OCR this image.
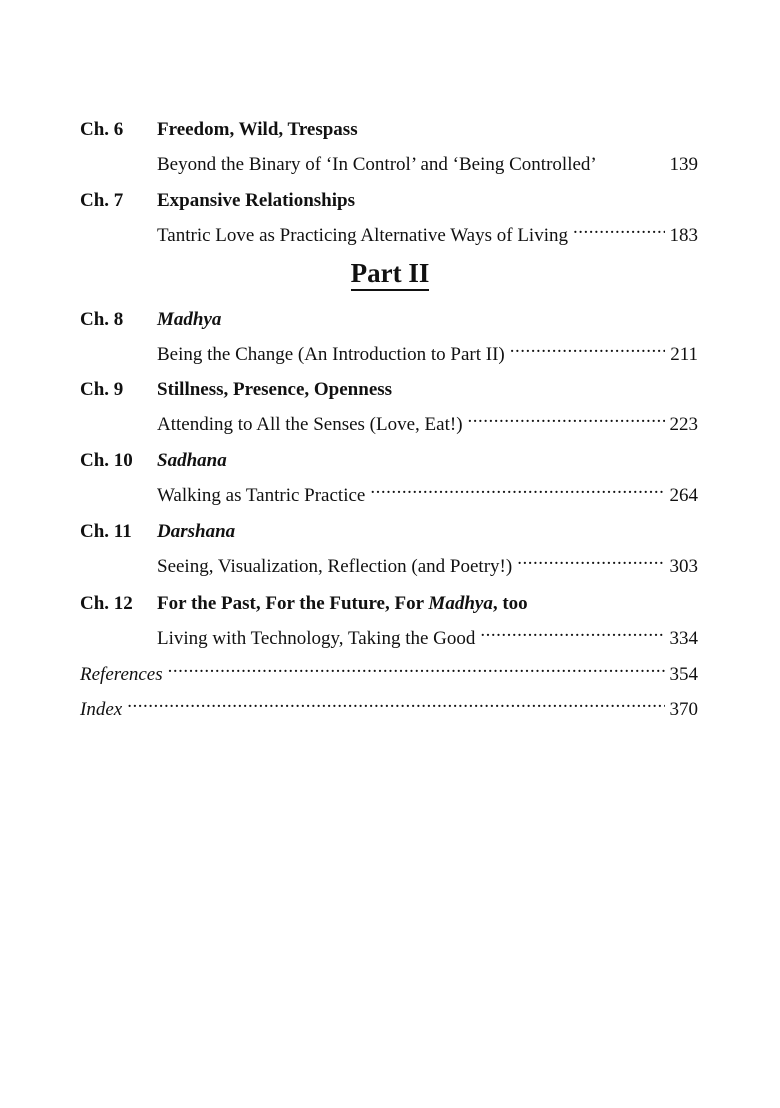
Ch. 6	Freedom, Wild, Trespass
Beyond the Binary of ‘In Control’ and ‘Being Controlled’	139
Ch. 7	Expansive Relationships
Tantric Love as Practicing Alternative Ways of Living .....	183
Part II
Ch. 8	Madhya
Being the Change (An Introduction to Part II) .....	211
Ch. 9	Stillness, Presence, Openness
Attending to All the Senses (Love, Eat!) .....	223
Ch. 10	Sadhana
Walking as Tantric Practice .....	264
Ch. 11	Darshana
Seeing, Visualization, Reflection (and Poetry!) .....	303
Ch. 12	For the Past, For the Future, For Madhya, too
Living with Technology, Taking the Good .....	334
References .....	354
Index .....	370
